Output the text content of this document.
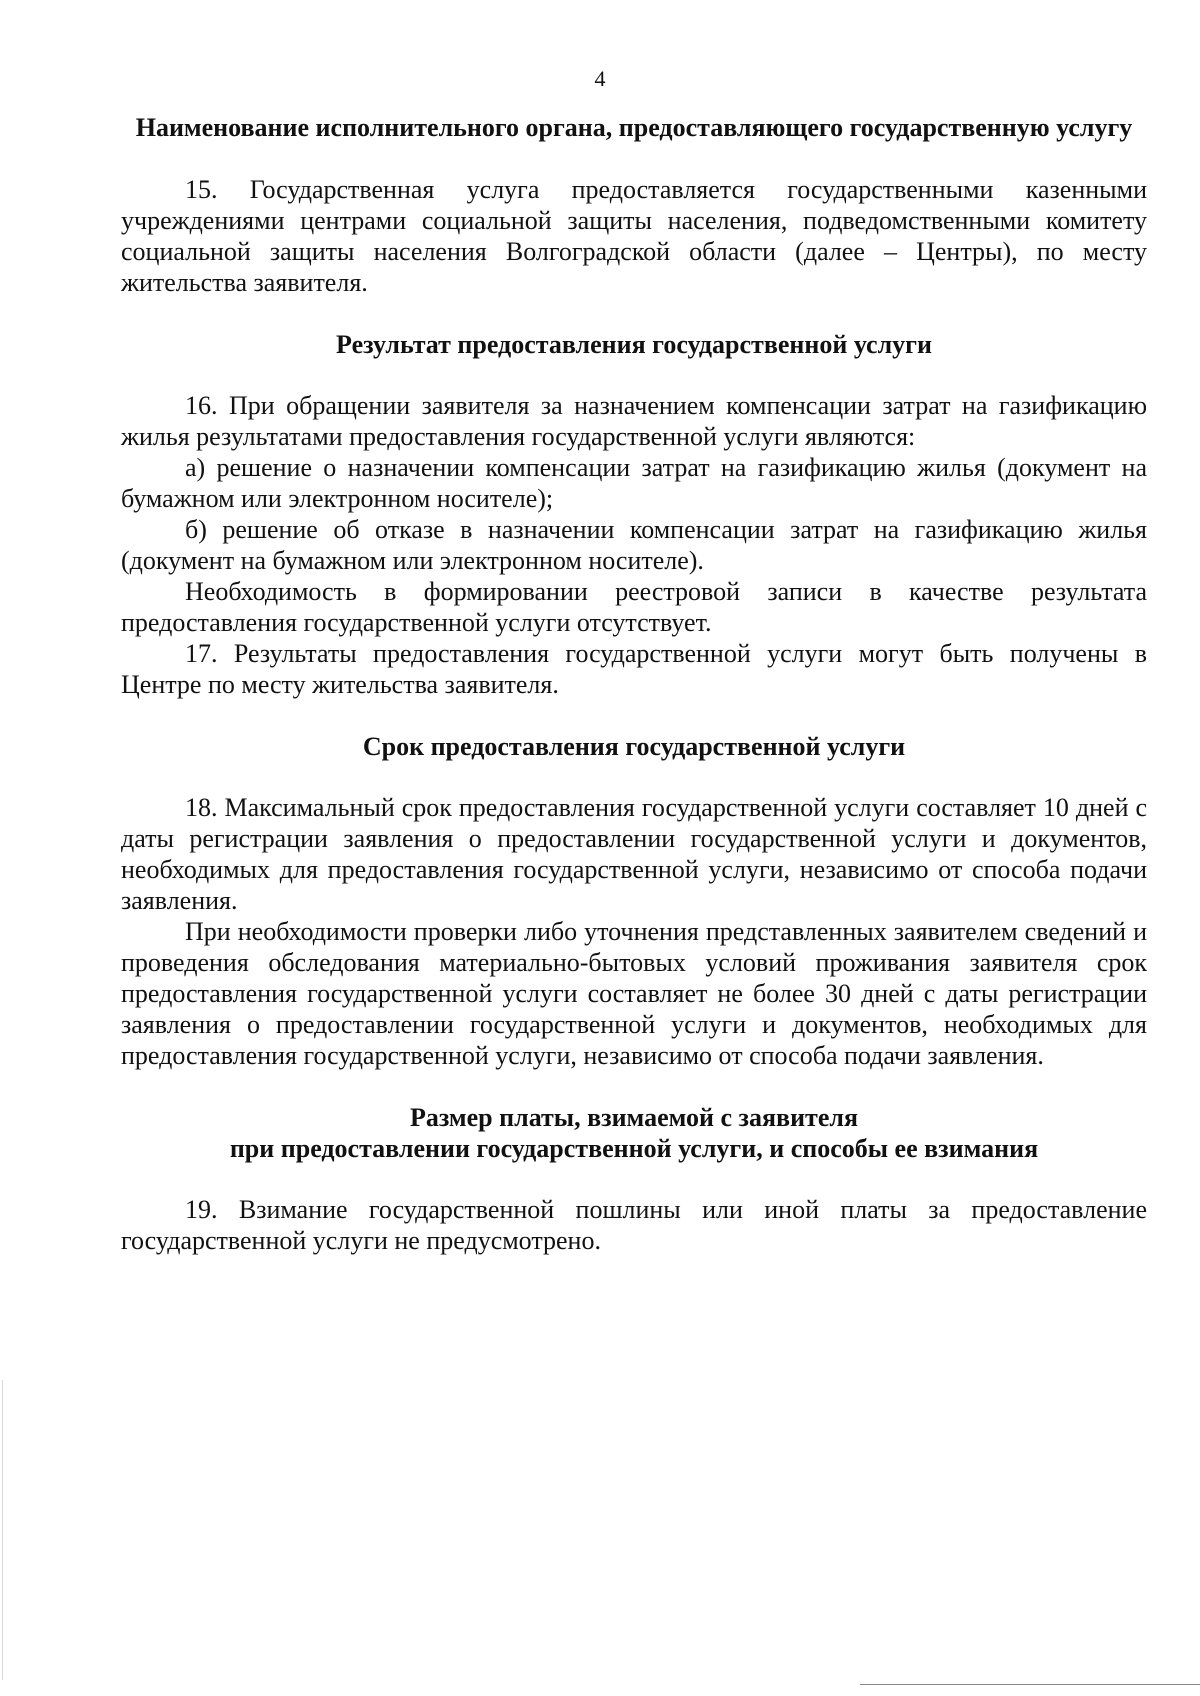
4

Наименование исполнительного органа, предоставляющего государственную услугу

15. Государственная услуга предоставляется государственными казенными учреждениями центрами социальной защиты населения, подведомственными комитету социальной защиты населения Волгоградской области (далее – Центры), по месту жительства заявителя.

Результат предоставления государственной услуги

16. При обращении заявителя за назначением компенсации затрат на газификацию жилья результатами предоставления государственной услуги являются:

а) решение о назначении компенсации затрат на газификацию жилья (документ на бумажном или электронном носителе);

б) решение об отказе в назначении компенсации затрат на газификацию жилья (документ на бумажном или электронном носителе).

Необходимость в формировании реестровой записи в качестве результата предоставления государственной услуги отсутствует.

17. Результаты предоставления государственной услуги могут быть получены в Центре по месту жительства заявителя.

Срок предоставления государственной услуги

18. Максимальный срок предоставления государственной услуги составляет 10 дней с даты регистрации заявления о предоставлении государственной услуги и документов, необходимых для предоставления государственной услуги, независимо от способа подачи заявления.

При необходимости проверки либо уточнения представленных заявителем сведений и проведения обследования материально-бытовых условий проживания заявителя срок предоставления государственной услуги составляет не более 30 дней с даты регистрации заявления о предоставлении государственной услуги и документов, необходимых для предоставления государственной услуги, независимо от способа подачи заявления.

Размер платы, взимаемой с заявителя
при предоставлении государственной услуги, и способы ее взимания

19. Взимание государственной пошлины или иной платы за предоставление государственной услуги не предусмотрено.
